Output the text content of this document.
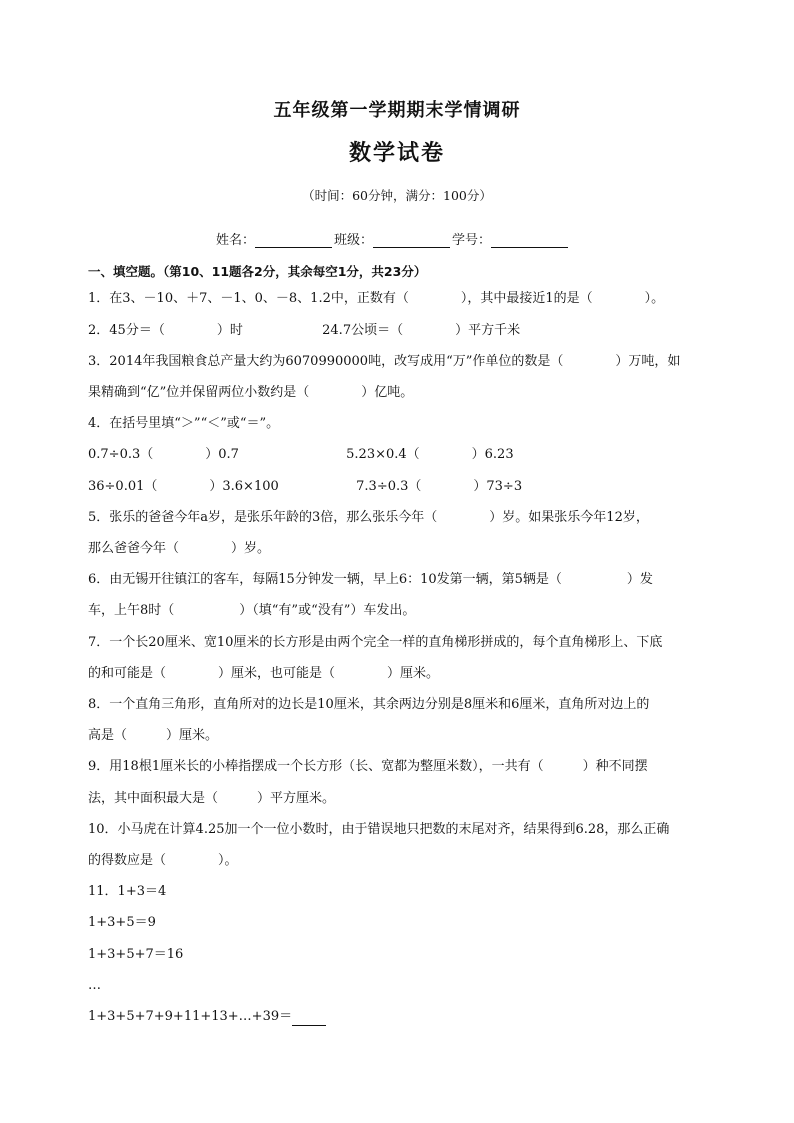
五年级第一学期期末学情调研
数学试卷
（时间：60分钟，满分：100分）
姓名：	班级：	学号：
一、填空题。（第10、11题各2分，其余每空1分，共23分）
1．在3、－10、＋7、－1、0、－8、1.2中，正数有（　　　　），其中最接近1的是（　　　　）。
2．45分＝（　　　　）时	24.7公顷＝（　　　　）平方千米
3．2014年我国粮食总产量大约为6070990000吨，改写成用“万”作单位的数是（　　　　）万吨，如
果精确到“亿”位并保留两位小数约是（　　　　）亿吨。
4．在括号里填“＞”“＜”或“＝”。
0.7÷0.3（　　　　）0.7	5.23×0.4（　　　　）6.23
36÷0.01（　　　　）3.6×100	7.3÷0.3（　　　　）73÷3
5．张乐的爸爸今年a岁，是张乐年龄的3倍，那么张乐今年（　　　　）岁。如果张乐今年12岁，
那么爸爸今年（　　　　）岁。
6．由无锡开往镇江的客车，每隔15分钟发一辆，早上6：10发第一辆，第5辆是（　　　　　）发
车，上午8时（　　　　　）（填“有”或“没有”）车发出。
7．一个长20厘米、宽10厘米的长方形是由两个完全一样的直角梯形拼成的，每个直角梯形上、下底
的和可能是（　　　　）厘米，也可能是（　　　　）厘米。
8．一个直角三角形，直角所对的边长是10厘米，其余两边分别是8厘米和6厘米，直角所对边上的
高是（　　　）厘米。
9．用18根1厘米长的小棒指摆成一个长方形（长、宽都为整厘米数），一共有（　　　）种不同摆
法，其中面积最大是（　　　）平方厘米。
10．小马虎在计算4.25加一个一位小数时，由于错误地只把数的末尾对齐，结果得到6.28，那么正确
的得数应是（　　　　）。
11．1+3＝4
1+3+5＝9
1+3+5+7＝16
…
1+3+5+7+9+11+13+…+39＝
